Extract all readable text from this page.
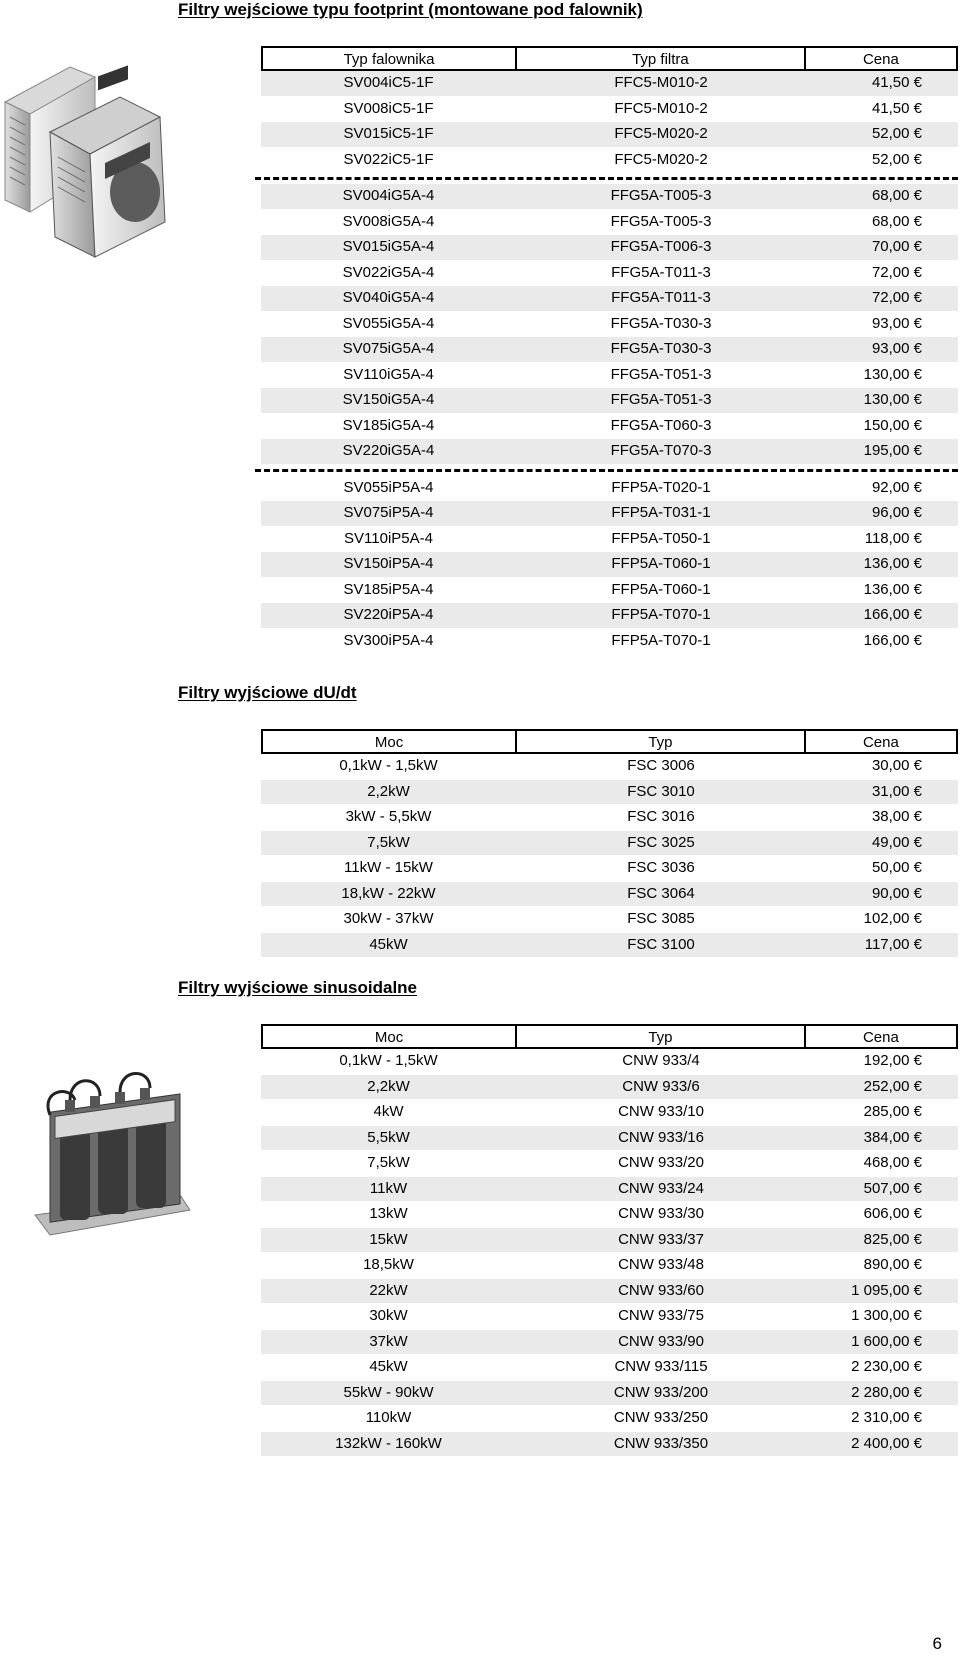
Filtry wejściowe typu footprint (montowane pod falownik)
Typ falownika	Typ filtra	Cena
SV004iC5-1F	FFC5-M010-2	41,50 €
SV008iC5-1F	FFC5-M010-2	41,50 €
SV015iC5-1F	FFC5-M020-2	52,00 €
SV022iC5-1F	FFC5-M020-2	52,00 €
SV004iG5A-4	FFG5A-T005-3	68,00 €
SV008iG5A-4	FFG5A-T005-3	68,00 €
SV015iG5A-4	FFG5A-T006-3	70,00 €
SV022iG5A-4	FFG5A-T011-3	72,00 €
SV040iG5A-4	FFG5A-T011-3	72,00 €
SV055iG5A-4	FFG5A-T030-3	93,00 €
SV075iG5A-4	FFG5A-T030-3	93,00 €
SV110iG5A-4	FFG5A-T051-3	130,00 €
SV150iG5A-4	FFG5A-T051-3	130,00 €
SV185iG5A-4	FFG5A-T060-3	150,00 €
SV220iG5A-4	FFG5A-T070-3	195,00 €
SV055iP5A-4	FFP5A-T020-1	92,00 €
SV075iP5A-4	FFP5A-T031-1	96,00 €
SV110iP5A-4	FFP5A-T050-1	118,00 €
SV150iP5A-4	FFP5A-T060-1	136,00 €
SV185iP5A-4	FFP5A-T060-1	136,00 €
SV220iP5A-4	FFP5A-T070-1	166,00 €
SV300iP5A-4	FFP5A-T070-1	166,00 €
Filtry wyjściowe dU/dt
Moc	Typ	Cena
0,1kW - 1,5kW	FSC 3006	30,00 €
2,2kW	FSC 3010	31,00 €
3kW - 5,5kW	FSC 3016	38,00 €
7,5kW	FSC 3025	49,00 €
11kW - 15kW	FSC 3036	50,00 €
18,kW - 22kW	FSC 3064	90,00 €
30kW - 37kW	FSC 3085	102,00 €
45kW	FSC 3100	117,00 €
Filtry wyjściowe sinusoidalne
Moc	Typ	Cena
0,1kW - 1,5kW	CNW 933/4	192,00 €
2,2kW	CNW 933/6	252,00 €
4kW	CNW 933/10	285,00 €
5,5kW	CNW 933/16	384,00 €
7,5kW	CNW 933/20	468,00 €
11kW	CNW 933/24	507,00 €
13kW	CNW 933/30	606,00 €
15kW	CNW 933/37	825,00 €
18,5kW	CNW 933/48	890,00 €
22kW	CNW 933/60	1 095,00 €
30kW	CNW 933/75	1 300,00 €
37kW	CNW 933/90	1 600,00 €
45kW	CNW 933/115	2 230,00 €
55kW - 90kW	CNW 933/200	2 280,00 €
110kW	CNW 933/250	2 310,00 €
132kW - 160kW	CNW 933/350	2 400,00 €
6
